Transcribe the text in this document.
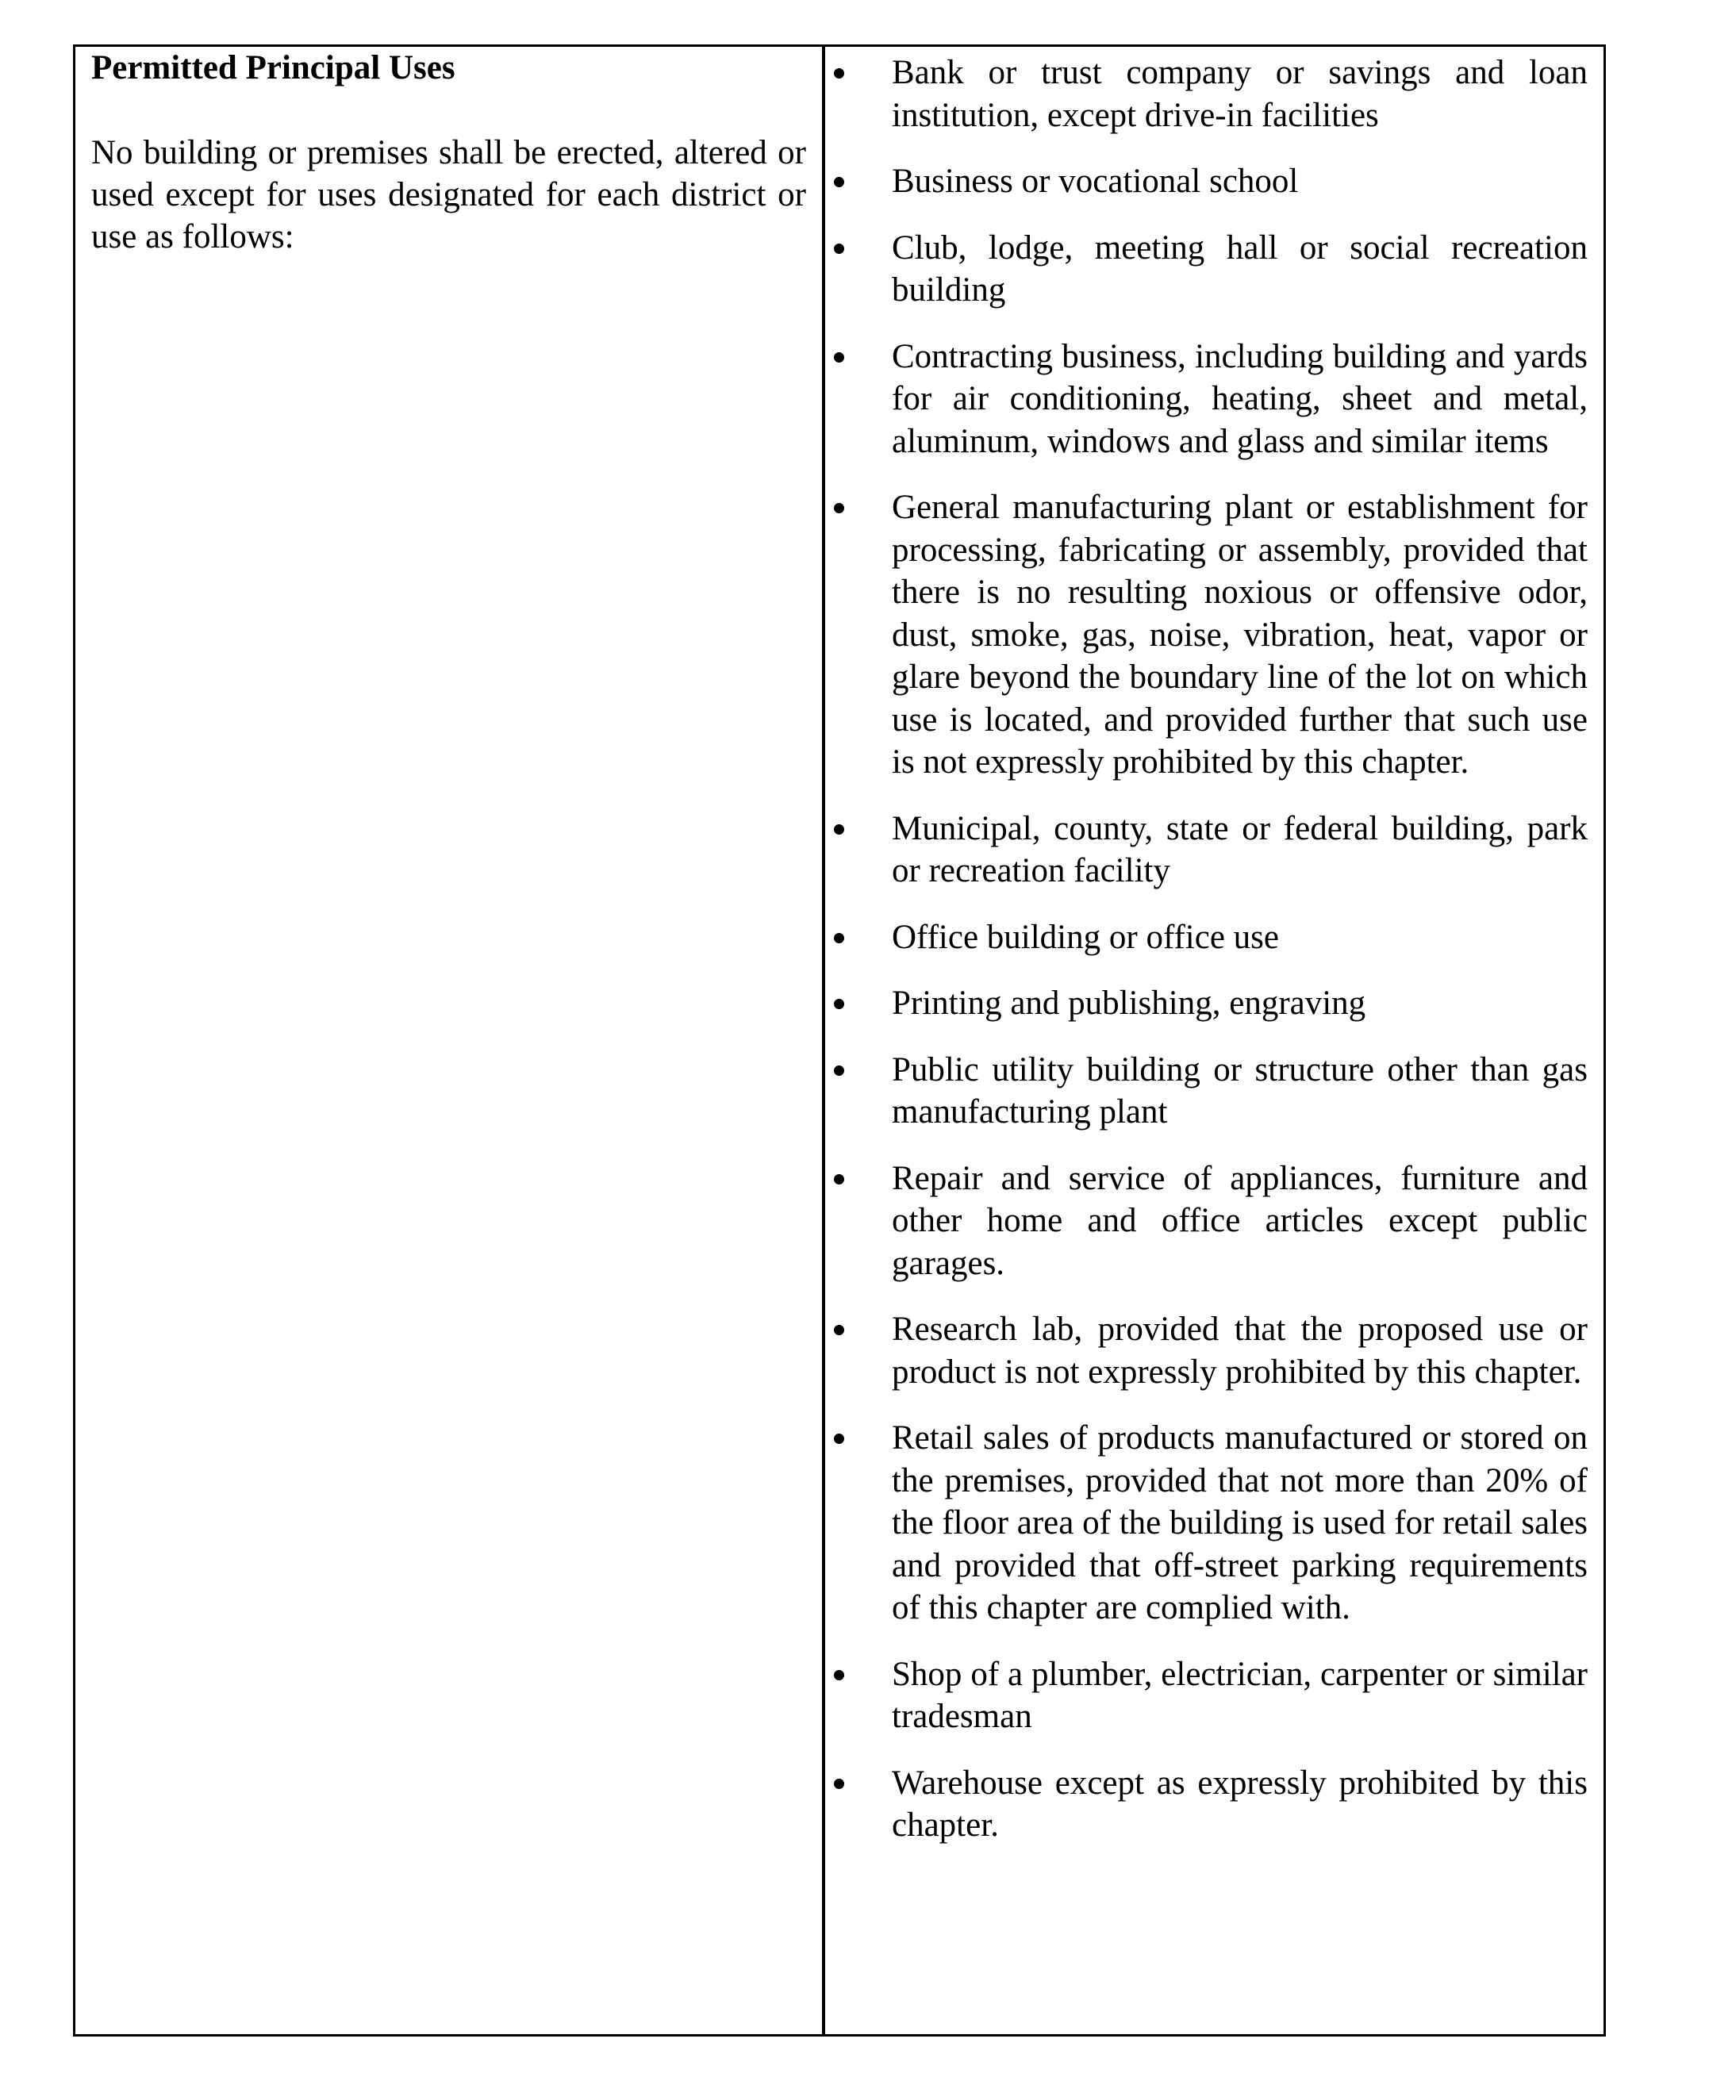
Permitted Principal Uses

No building or premises shall be erected, altered or used except for uses designated for each district or use as follows:

Bank or trust company or savings and loan institution, except drive-in facilities
Business or vocational school
Club, lodge, meeting hall or social recreation building
Contracting business, including building and yards for air conditioning, heating, sheet and metal, aluminum, windows and glass and similar items
General manufacturing plant or establishment for processing, fabricating or assembly, provided that there is no resulting noxious or offensive odor, dust, smoke, gas, noise, vibration, heat, vapor or glare beyond the boundary line of the lot on which use is located, and provided further that such use is not expressly prohibited by this chapter.
Municipal, county, state or federal building, park or recreation facility
Office building or office use
Printing and publishing, engraving
Public utility building or structure other than gas manufacturing plant
Repair and service of appliances, furniture and other home and office articles except public garages.
Research lab, provided that the proposed use or product is not expressly prohibited by this chapter.
Retail sales of products manufactured or stored on the premises, provided that not more than 20% of the floor area of the building is used for retail sales and provided that off-street parking requirements of this chapter are complied with.
Shop of a plumber, electrician, carpenter or similar tradesman
Warehouse except as expressly prohibited by this chapter.
